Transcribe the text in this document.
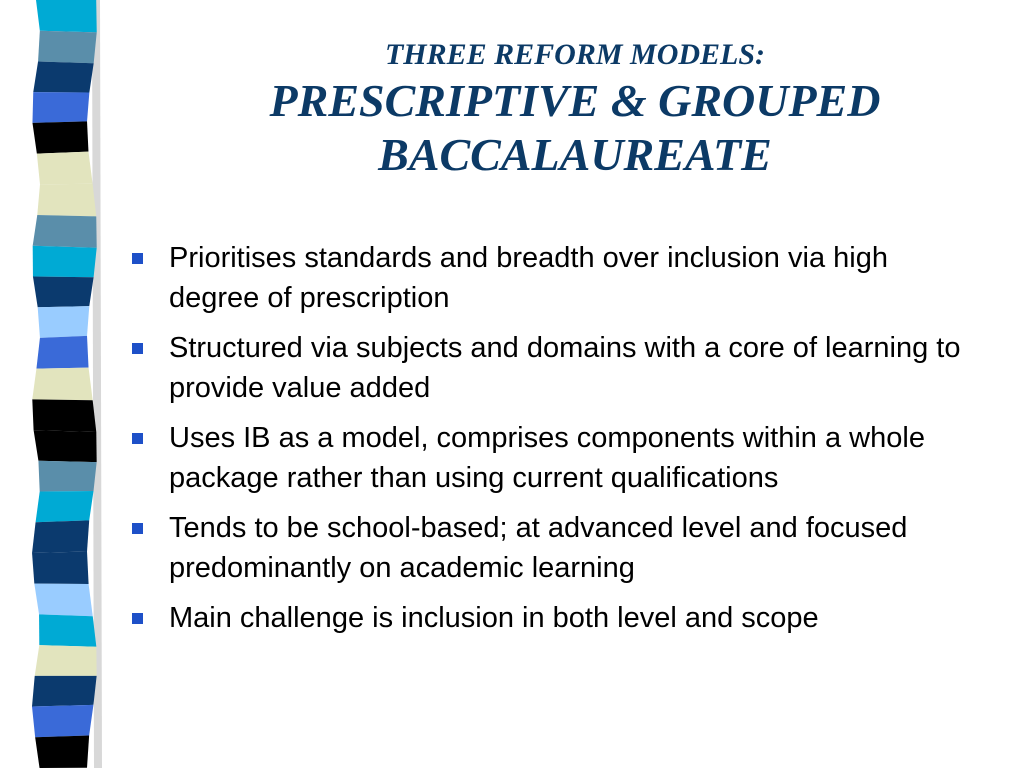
THREE REFORM MODELS:
PRESCRIPTIVE & GROUPED
BACCALAUREATE
Prioritises standards and breadth over inclusion via high degree of prescription
Structured via subjects and domains with a core of learning to provide value added
Uses IB as a model, comprises components within a whole package rather than using current qualifications
Tends to be school-based; at advanced level and focused predominantly on academic learning
Main challenge is inclusion in both level and scope
